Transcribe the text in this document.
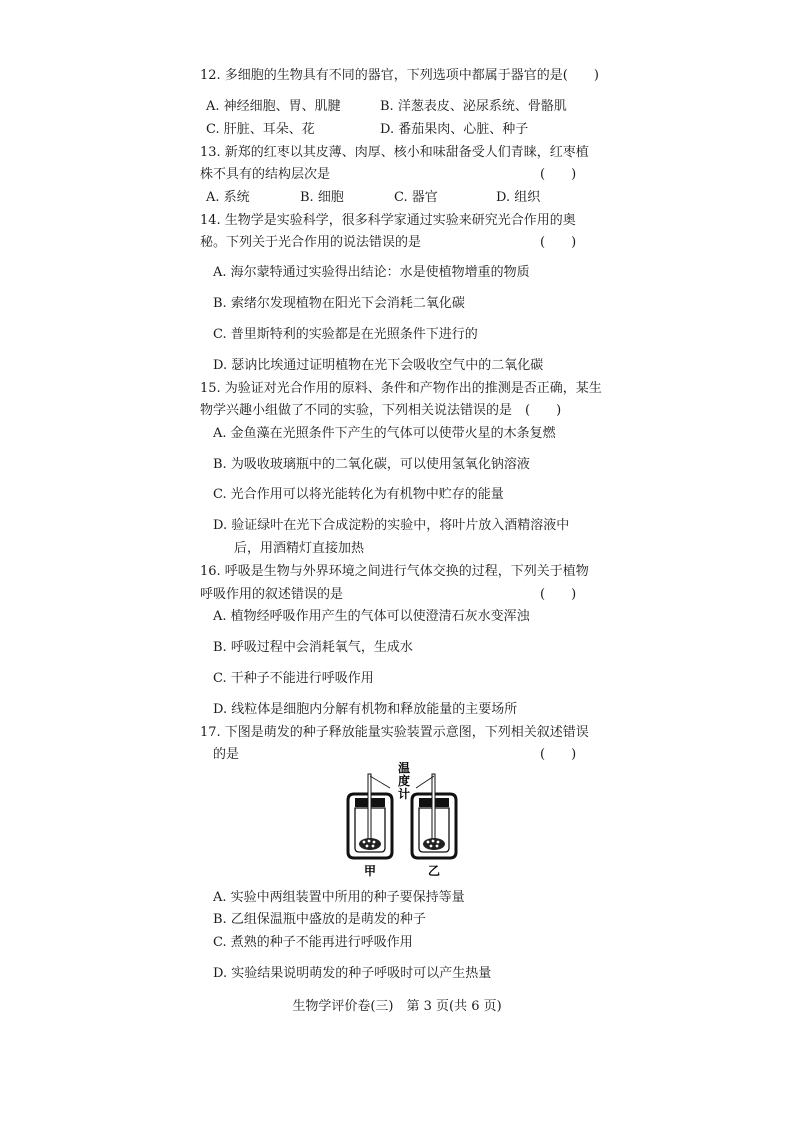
12. 多细胞的生物具有不同的器官，下列选项中都属于器官的是(　　)
A. 神经细胞、胃、肌腱	B. 洋葱表皮、泌尿系统、骨骼肌
C. 肝脏、耳朵、花	D. 番茄果肉、心脏、种子
13. 新郑的红枣以其皮薄、肉厚、核小和味甜备受人们青睐，红枣植
株不具有的结构层次是	(　　)
A. 系统	B. 细胞	C. 器官	D. 组织
14. 生物学是实验科学，很多科学家通过实验来研究光合作用的奥
秘。下列关于光合作用的说法错误的是	(　　)
A. 海尔蒙特通过实验得出结论：水是使植物增重的物质
B. 索绪尔发现植物在阳光下会消耗二氧化碳
C. 普里斯特利的实验都是在光照条件下进行的
D. 瑟讷比埃通过证明植物在光下会吸收空气中的二氧化碳
15. 为验证对光合作用的原料、条件和产物作出的推测是否正确，某生
物学兴趣小组做了不同的实验，下列相关说法错误的是　(　　)
A. 金鱼藻在光照条件下产生的气体可以使带火星的木条复燃
B. 为吸收玻璃瓶中的二氧化碳，可以使用氢氧化钠溶液
C. 光合作用可以将光能转化为有机物中贮存的能量
D. 验证绿叶在光下合成淀粉的实验中，将叶片放入酒精溶液中
后，用酒精灯直接加热
16. 呼吸是生物与外界环境之间进行气体交换的过程，下列关于植物
呼吸作用的叙述错误的是	(　　)
A. 植物经呼吸作用产生的气体可以使澄清石灰水变浑浊
B. 呼吸过程中会消耗氧气，生成水
C. 干种子不能进行呼吸作用
D. 线粒体是细胞内分解有机物和释放能量的主要场所
17. 下图是萌发的种子释放能量实验装置示意图，下列相关叙述错误
的是	(　　)
温
度
计
甲	乙
A. 实验中两组装置中所用的种子要保持等量
B. 乙组保温瓶中盛放的是萌发的种子
C. 煮熟的种子不能再进行呼吸作用
D. 实验结果说明萌发的种子呼吸时可以产生热量
生物学评价卷(三)　第 3 页(共 6 页)
